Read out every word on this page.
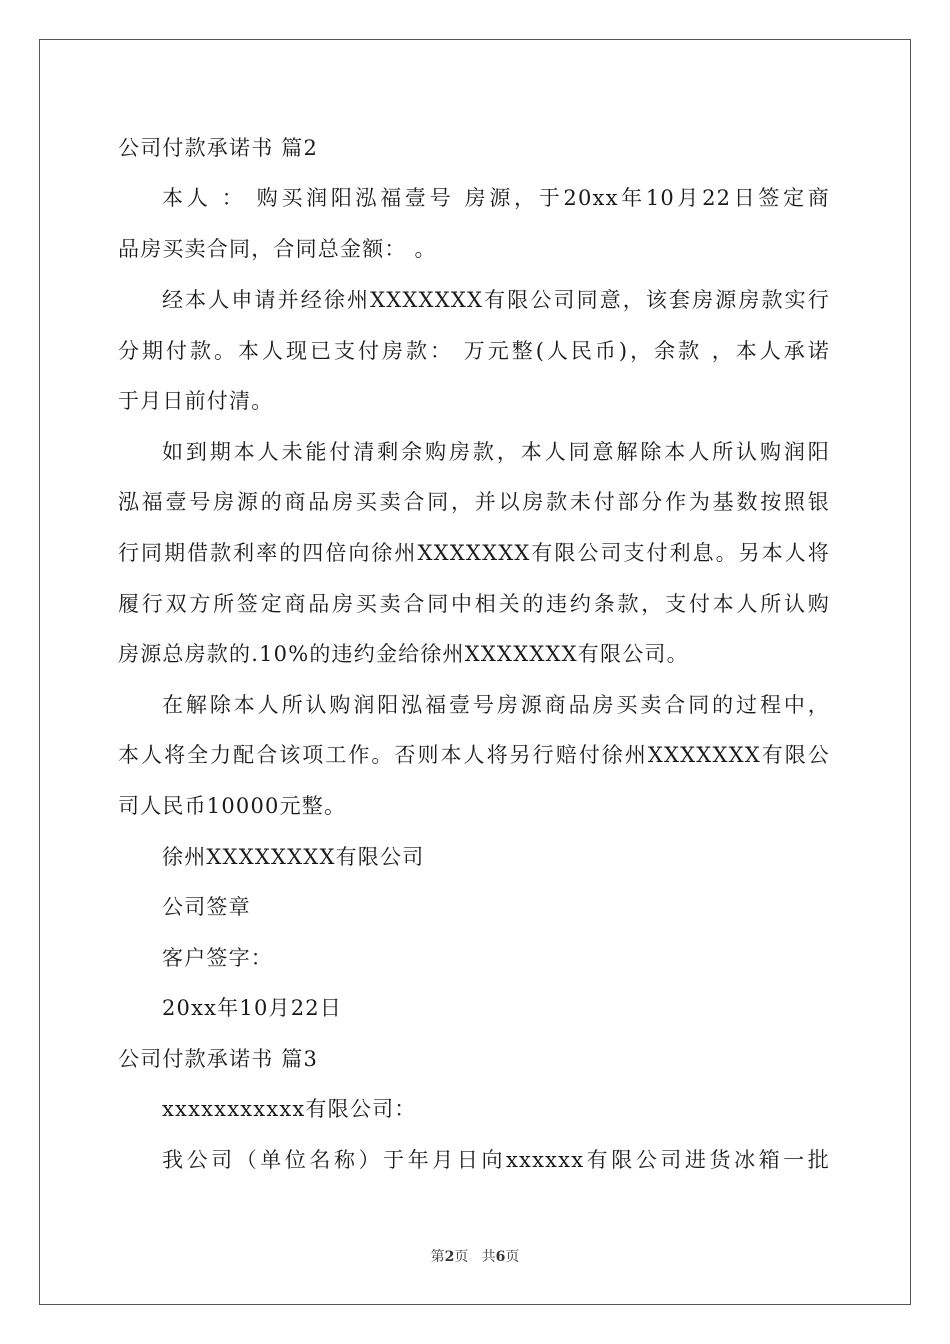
公司付款承诺书 篇2
本人 ： 购买润阳泓福壹号 房源，于20xx年10月22日签定商
品房买卖合同，合同总金额： 。
经本人申请并经徐州XXXXXXX有限公司同意，该套房源房款实行
分期付款。本人现已支付房款： 万元整(人民币)，余款 ，本人承诺
于月日前付清。
如到期本人未能付清剩余购房款，本人同意解除本人所认购润阳
泓福壹号房源的商品房买卖合同，并以房款未付部分作为基数按照银
行同期借款利率的四倍向徐州XXXXXXX有限公司支付利息。另本人将
履行双方所签定商品房买卖合同中相关的违约条款，支付本人所认购
房源总房款的.10%的违约金给徐州XXXXXXX有限公司。
在解除本人所认购润阳泓福壹号房源商品房买卖合同的过程中，
本人将全力配合该项工作。否则本人将另行赔付徐州XXXXXXX有限公
司人民币10000元整。
徐州XXXXXXXX有限公司
公司签章
客户签字：
20xx年10月22日
公司付款承诺书 篇3
xxxxxxxxxxx有限公司：
我公司（单位名称）于年月日向xxxxxx有限公司进货冰箱一批
第2页 共6页
